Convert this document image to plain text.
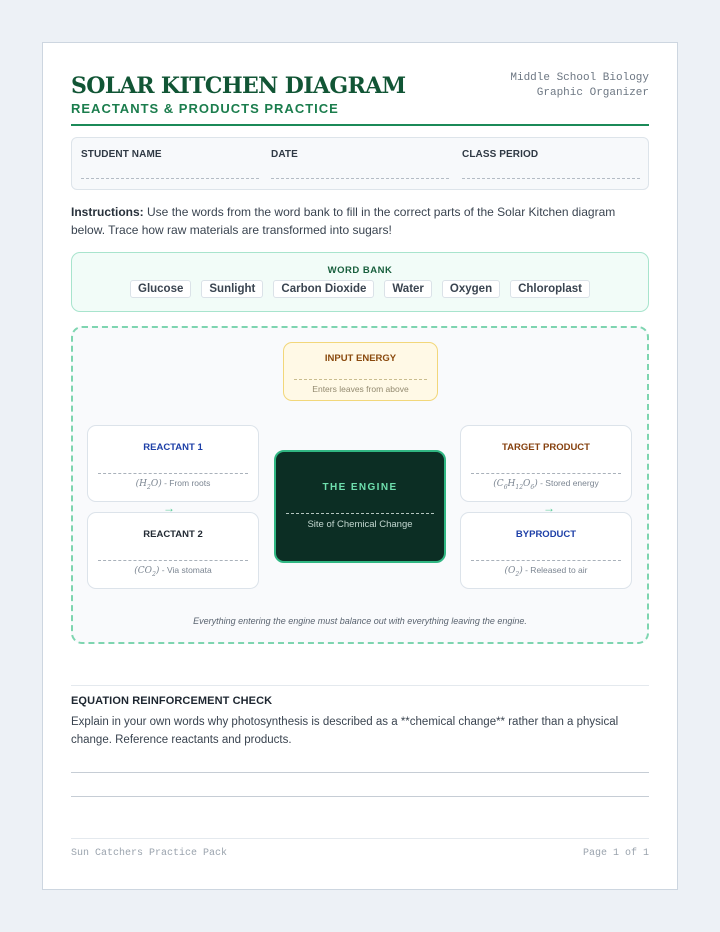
SOLAR KITCHEN DIAGRAM
REACTANTS & PRODUCTS PRACTICE
Middle School Biology
Graphic Organizer
STUDENT NAME	DATE	CLASS PERIOD
Instructions: Use the words from the word bank to fill in the correct parts of the Solar Kitchen diagram below. Trace how raw materials are transformed into sugars!
WORD BANK
Glucose	Sunlight	Carbon Dioxide	Water	Oxygen	Chloroplast
INPUT ENERGY
Enters leaves from above
REACTANT 1
$(H_2O)$ - From roots
REACTANT 2
$(CO_2)$ - Via stomata
→
THE ENGINE
Site of Chemical Change
TARGET PRODUCT
$(C_6H_{12}O_6)$ - Stored energy
BYPRODUCT
$(O_2)$ - Released to air
→
Everything entering the engine must balance out with everything leaving the engine.
EQUATION REINFORCEMENT CHECK
Explain in your own words why photosynthesis is described as a **chemical change** rather than a physical change. Reference reactants and products.
Sun Catchers Practice Pack	Page 1 of 1
